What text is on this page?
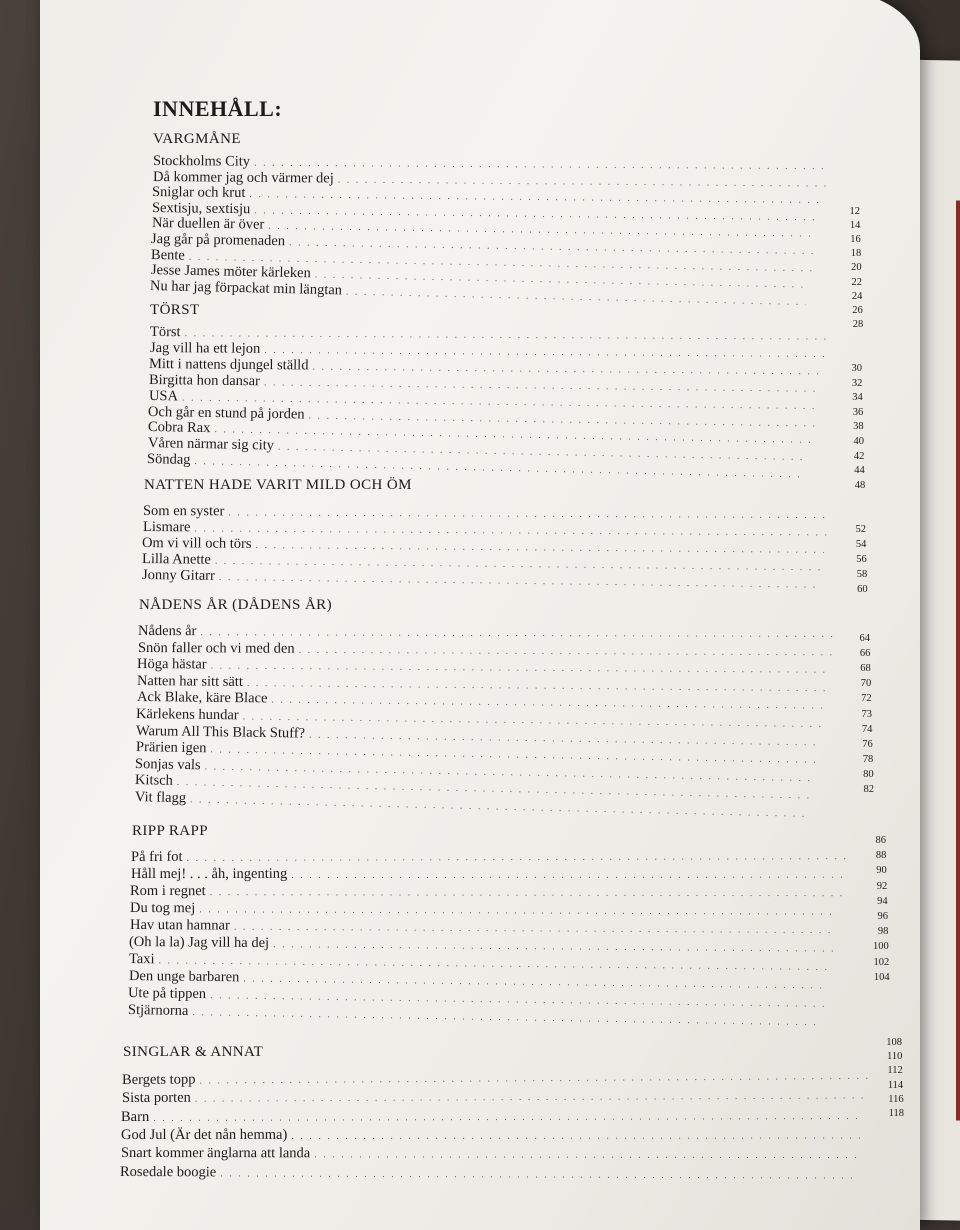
INNEHÅLL:
VARGMÅNE
Stockholms City
. . .
Då kommer jag och värmer dej
. . .
Sniglar och krut
. . .
Sextisju, sextisju
. . .
När duellen är över
. . .
Jag går på promenaden
. . .
Bente
. . .
Jesse James möter kärleken
. . .
Nu har jag förpackat min längtan
. . .
12
14
16
18
20
22
24
26
28
TÖRST
Törst
. . .
Jag vill ha ett lejon
. . .
Mitt i nattens djungel ställd
. . .
Birgitta hon dansar
. . .
USA
. . .
Och går en stund på jorden
. . .
Cobra Rax
. . .
Våren närmar sig city
. . .
Söndag
. . .
30
32
34
36
38
40
42
44
48
NATTEN HADE VARIT MILD OCH ÖM
Som en syster
. . .
Lismare
. . .
Om vi vill och törs
. . .
Lilla Anette
. . .
Jonny Gitarr
. . .
52
54
56
58
60
NÅDENS ÅR (DÅDENS ÅR)
Nådens år
. . .
Snön faller och vi med den
. . .
Höga hästar
. . .
Natten har sitt sätt
. . .
Ack Blake, käre Blace
. . .
Kärlekens hundar
. . .
Warum All This Black Stuff?
. . .
Prärien igen
. . .
Sonjas vals
. . .
Kitsch
. . .
Vit flagg
. . .
64
66
68
70
72
73
74
76
78
80
82
RIPP RAPP
På fri fot
. . .
Håll mej! . . . åh, ingenting
. . .
Rom i regnet
. . .
Du tog mej
. . .
Hav utan hamnar
. . .
(Oh la la) Jag vill ha dej
. . .
Taxi
. . .
Den unge barbaren
. . .
Ute på tippen
. . .
Stjärnorna
. . .
86
88
90
92
94
96
98
100
102
104
SINGLAR & ANNAT
Bergets topp
. . .
Sista porten
. . .
Barn
. . .
God Jul (Är det nån hemma)
. . .
Snart kommer änglarna att landa
. . .
Rosedale boogie
. . .
108
110
112
114
116
118
